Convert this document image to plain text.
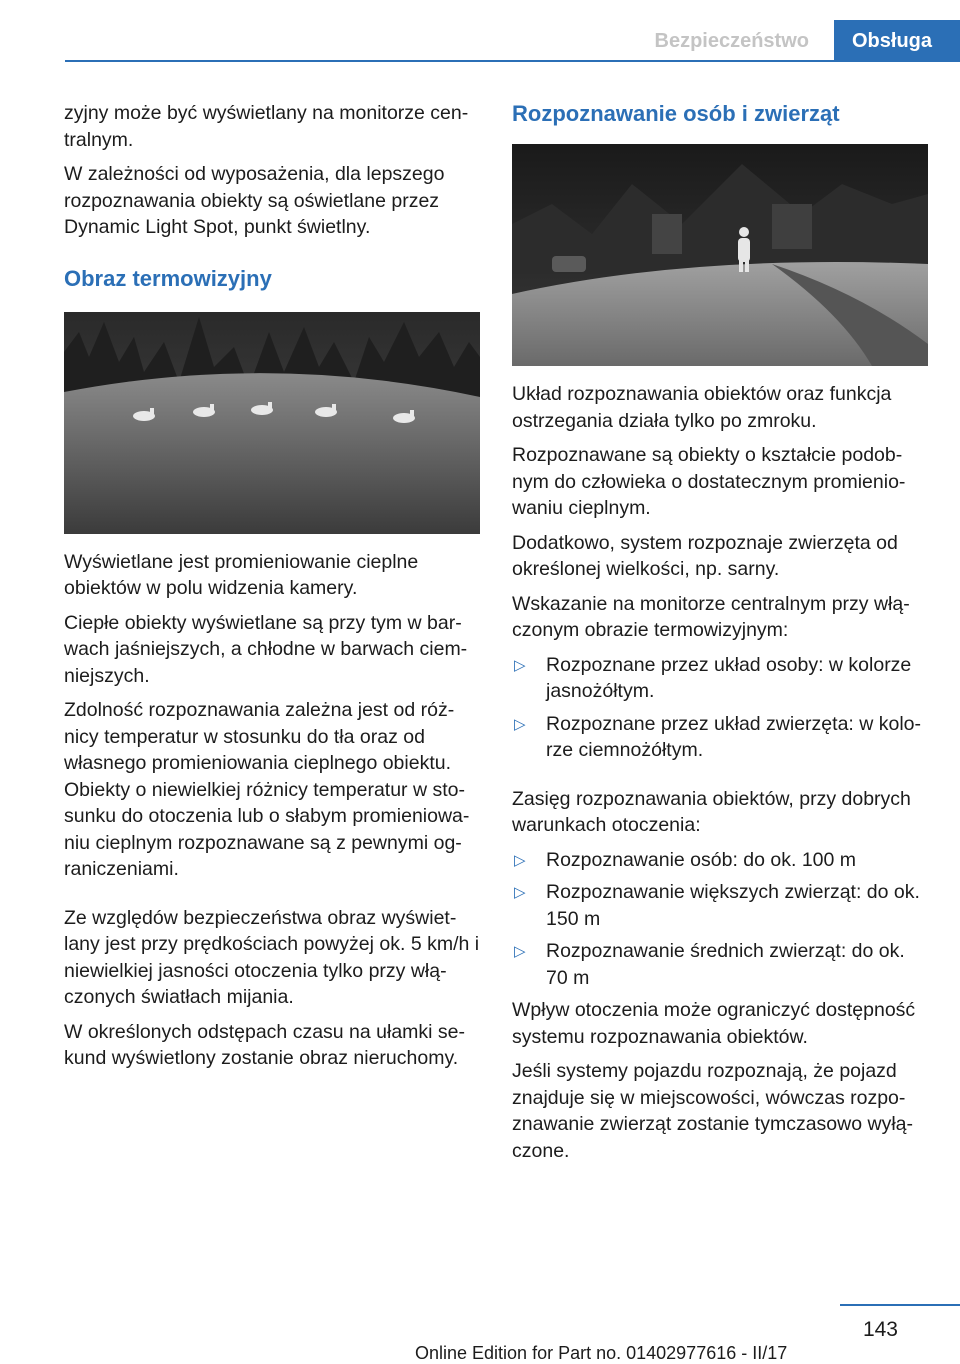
Bezpieczeństwo	Obsługa

zyjny może być wyświetlany na monitorze cen-tralnym.

W zależności od wyposażenia, dla lepszego rozpoznawania obiekty są oświetlane przez Dynamic Light Spot, punkt świetlny.

Obraz termowizyjny

Wyświetlane jest promieniowanie cieplne obiektów w polu widzenia kamery.

Ciepłe obiekty wyświetlane są przy tym w bar-wach jaśniejszych, a chłodne w barwach ciem-niejszych.

Zdolność rozpoznawania zależna jest od róż-nicy temperatur w stosunku do tła oraz od własnego promieniowania cieplnego obiektu. Obiekty o niewielkiej różnicy temperatur w sto-sunku do otoczenia lub o słabym promieniowa-niu cieplnym rozpoznawane są z pewnymi og-raniczeniami.

Ze względów bezpieczeństwa obraz wyświet-lany jest przy prędkościach powyżej ok. 5 km/h i niewielkiej jasności otoczenia tylko przy włą-czonych światłach mijania.

W określonych odstępach czasu na ułamki se-kund wyświetlony zostanie obraz nieruchomy.

Rozpoznawanie osób i zwierząt

Układ rozpoznawania obiektów oraz funkcja ostrzegania działa tylko po zmroku.

Rozpoznawane są obiekty o kształcie podob-nym do człowieka o dostatecznym promienio-waniu cieplnym.

Dodatkowo, system rozpoznaje zwierzęta od określonej wielkości, np. sarny.

Wskazanie na monitorze centralnym przy włą-czonym obrazie termowizyjnym:

▷ Rozpoznane przez układ osoby: w kolorze jasnożółtym.
▷ Rozpoznane przez układ zwierzęta: w kolo-rze ciemnożółtym.

Zasięg rozpoznawania obiektów, przy dobrych warunkach otoczenia:

▷ Rozpoznawanie osób: do ok. 100 m
▷ Rozpoznawanie większych zwierząt: do ok. 150 m
▷ Rozpoznawanie średnich zwierząt: do ok. 70 m

Wpływ otoczenia może ograniczyć dostępność systemu rozpoznawania obiektów.

Jeśli systemy pojazdu rozpoznają, że pojazd znajduje się w miejscowości, wówczas rozpo-znawanie zwierząt zostanie tymczasowo wyłą-czone.

143
Online Edition for Part no. 01402977616 - II/17
